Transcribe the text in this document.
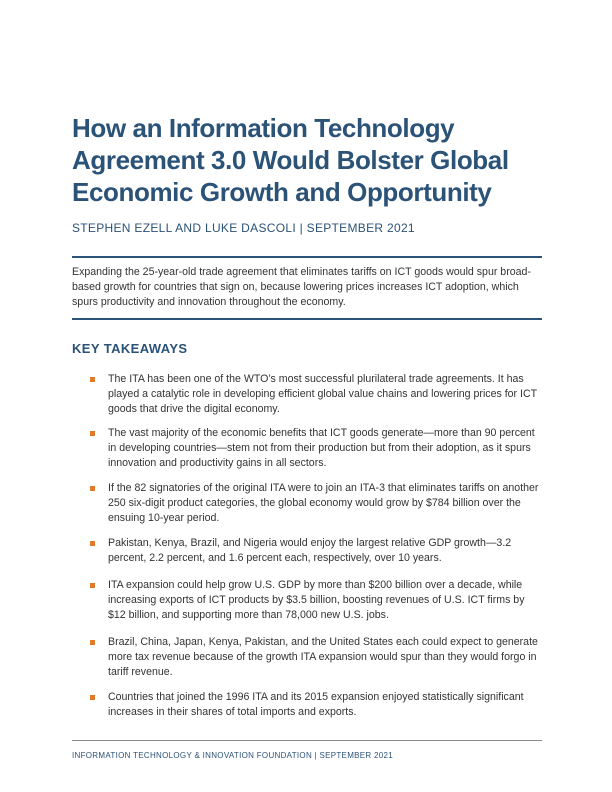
How an Information Technology Agreement 3.0 Would Bolster Global Economic Growth and Opportunity
STEPHEN EZELL AND LUKE DASCOLI | SEPTEMBER 2021

Expanding the 25-year-old trade agreement that eliminates tariffs on ICT goods would spur broad-based growth for countries that sign on, because lowering prices increases ICT adoption, which spurs productivity and innovation throughout the economy.

KEY TAKEAWAYS
The ITA has been one of the WTO’s most successful plurilateral trade agreements. It has played a catalytic role in developing efficient global value chains and lowering prices for ICT goods that drive the digital economy.
The vast majority of the economic benefits that ICT goods generate—more than 90 percent in developing countries—stem not from their production but from their adoption, as it spurs innovation and productivity gains in all sectors.
If the 82 signatories of the original ITA were to join an ITA-3 that eliminates tariffs on another 250 six-digit product categories, the global economy would grow by $784 billion over the ensuing 10-year period.
Pakistan, Kenya, Brazil, and Nigeria would enjoy the largest relative GDP growth—3.2 percent, 2.2 percent, and 1.6 percent each, respectively, over 10 years.
ITA expansion could help grow U.S. GDP by more than $200 billion over a decade, while increasing exports of ICT products by $3.5 billion, boosting revenues of U.S. ICT firms by $12 billion, and supporting more than 78,000 new U.S. jobs.
Brazil, China, Japan, Kenya, Pakistan, and the United States each could expect to generate more tax revenue because of the growth ITA expansion would spur than they would forgo in tariff revenue.
Countries that joined the 1996 ITA and its 2015 expansion enjoyed statistically significant increases in their shares of total imports and exports.
INFORMATION TECHNOLOGY & INNOVATION FOUNDATION | SEPTEMBER 2021
